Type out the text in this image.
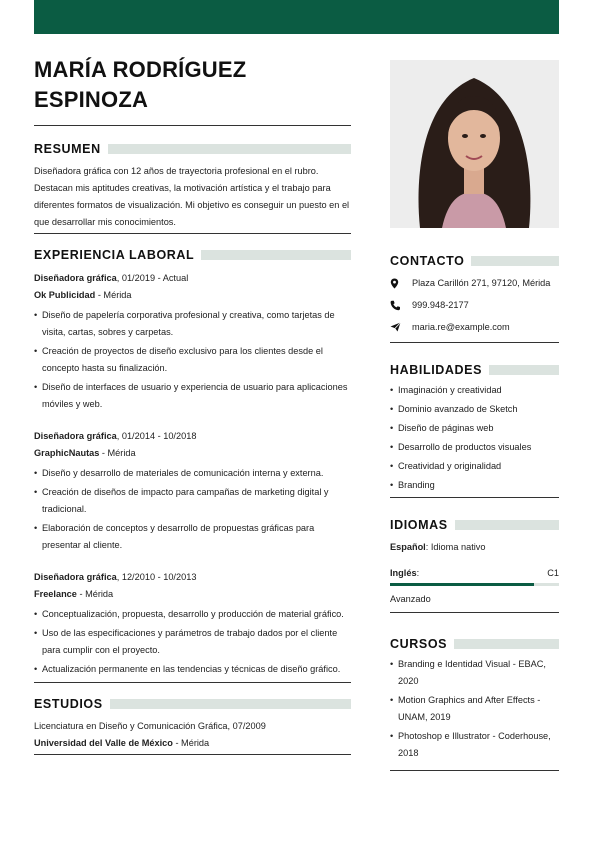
MARÍA RODRÍGUEZ ESPINOZA
RESUMEN
Diseñadora gráfica con 12 años de trayectoria profesional en el rubro. Destacan mis aptitudes creativas, la motivación artística y el trabajo para diferentes formatos de visualización. Mi objetivo es conseguir un puesto en el que desarrollar mis conocimientos.
EXPERIENCIA LABORAL
Diseñadora gráfica, 01/2019 - Actual
Ok Publicidad - Mérida
• Diseño de papelería corporativa profesional y creativa, como tarjetas de visita, cartas, sobres y carpetas.
• Creación de proyectos de diseño exclusivo para los clientes desde el concepto hasta su finalización.
• Diseño de interfaces de usuario y experiencia de usuario para aplicaciones móviles y web.
Diseñadora gráfica, 01/2014 - 10/2018
GraphicNautas - Mérida
• Diseño y desarrollo de materiales de comunicación interna y externa.
• Creación de diseños de impacto para campañas de marketing digital y tradicional.
• Elaboración de conceptos y desarrollo de propuestas gráficas para presentar al cliente.
Diseñadora gráfica, 12/2010 - 10/2013
Freelance - Mérida
• Conceptualización, propuesta, desarrollo y producción de material gráfico.
• Uso de las especificaciones y parámetros de trabajo dados por el cliente para cumplir con el proyecto.
• Actualización permanente en las tendencias y técnicas de diseño gráfico.
ESTUDIOS
Licenciatura en Diseño y Comunicación Gráfica, 07/2009
Universidad del Valle de México - Mérida
CONTACTO
Plaza Carillón 271, 97120, Mérida
999.948-2177
maria.re@example.com
HABILIDADES
• Imaginación y creatividad
• Dominio avanzado de Sketch
• Diseño de páginas web
• Desarrollo de productos visuales
• Creatividad y originalidad
• Branding
IDIOMAS
Español: Idioma nativo
Inglés:	C1
Avanzado
CURSOS
• Branding e Identidad Visual - EBAC, 2020
• Motion Graphics and After Effects - UNAM, 2019
• Photoshop e Illustrator - Coderhouse, 2018
